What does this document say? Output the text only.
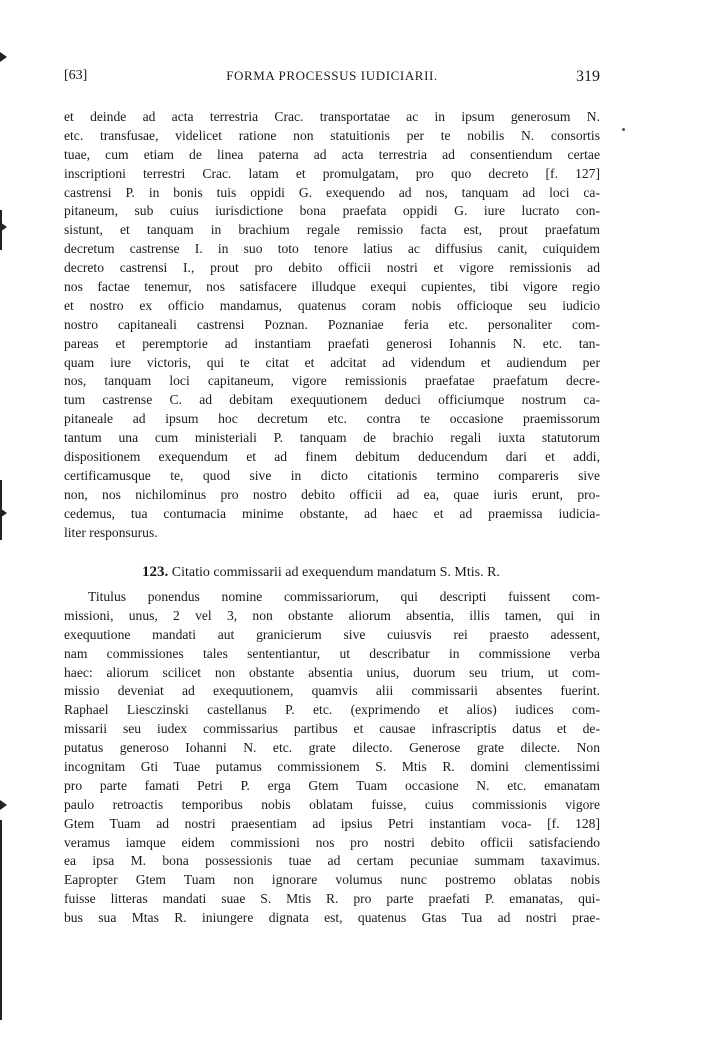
[63]	FORMA PROCESSUS IUDICIARII.	319
et deinde ad acta terrestria Crac. transportatae ac in ipsum generosum N.
etc. transfusae, videlicet ratione non statuitionis per te nobilis N. consortis
tuae, cum etiam de linea paterna ad acta terrestria ad consentiendum certae
inscriptioni terrestri Crac. latam et promulgatam, pro quo decreto [f. 127]
castrensi P. in bonis tuis oppidi G. exequendo ad nos, tanquam ad loci ca-
pitaneum, sub cuius iurisdictione bona praefata oppidi G. iure lucrato con-
sistunt, et tanquam in brachium regale remissio facta est, prout praefatum
decretum castrense I. in suo toto tenore latius ac diffusius canit, cuiquidem
decreto castrensi I., prout pro debito officii nostri et vigore remissionis ad
nos factae tenemur, nos satisfacere illudque exequi cupientes, tibi vigore regio
et nostro ex officio mandamus, quatenus coram nobis officioque seu iudicio
nostro capitaneali castrensi Poznan. Poznaniae feria etc. personaliter com-
pareas et peremptorie ad instantiam praefati generosi Iohannis N. etc. tan-
quam iure victoris, qui te citat et adcitat ad videndum et audiendum per
nos, tanquam loci capitaneum, vigore remissionis praefatae praefatum decre-
tum castrense C. ad debitam exequutionem deduci officiumque nostrum ca-
pitaneale ad ipsum hoc decretum etc. contra te occasione praemissorum
tantum una cum ministeriali P. tanquam de brachio regali iuxta statutorum
dispositionem exequendum et ad finem debitum deducendum dari et addi,
certificamusque te, quod sive in dicto citationis termino compareris sive
non, nos nichilominus pro nostro debito officii ad ea, quae iuris erunt, pro-
cedemus, tua contumacia minime obstante, ad haec et ad praemissa iudicia-
liter responsurus.
123. Citatio commissarii ad exequendum mandatum S. Mtis. R.
Titulus ponendus nomine commissariorum, qui descripti fuissent com-
missioni, unus, 2 vel 3, non obstante aliorum absentia, illis tamen, qui in
exequutione mandati aut granicierum sive cuiusvis rei praesto adessent,
nam commissiones tales sententiantur, ut describatur in commissione verba
haec: aliorum scilicet non obstante absentia unius, duorum seu trium, ut com-
missio deveniat ad exequutionem, quamvis alii commissarii absentes fuerint.
Raphael Liesczinski castellanus P. etc. (exprimendo et alios) iudices com-
missarii seu iudex commissarius partibus et causae infrascriptis datus et de-
putatus generoso Iohanni N. etc. grate dilecto. Generose grate dilecte. Non
incognitam Gti Tuae putamus commissionem S. Mtis R. domini clementissimi
pro parte famati Petri P. erga Gtem Tuam occasione N. etc. emanatam
paulo retroactis temporibus nobis oblatam fuisse, cuius commissionis vigore
Gtem Tuam ad nostri praesentiam ad ipsius Petri instantiam voca- [f. 128]
veramus iamque eidem commissioni nos pro nostri debito officii satisfaciendo
ea ipsa M. bona possessionis tuae ad certam pecuniae summam taxavimus.
Eapropter Gtem Tuam non ignorare volumus nunc postremo oblatas nobis
fuisse litteras mandati suae S. Mtis R. pro parte praefati P. emanatas, qui-
bus sua Mtas R. iniungere dignata est, quatenus Gtas Tua ad nostri prae-
